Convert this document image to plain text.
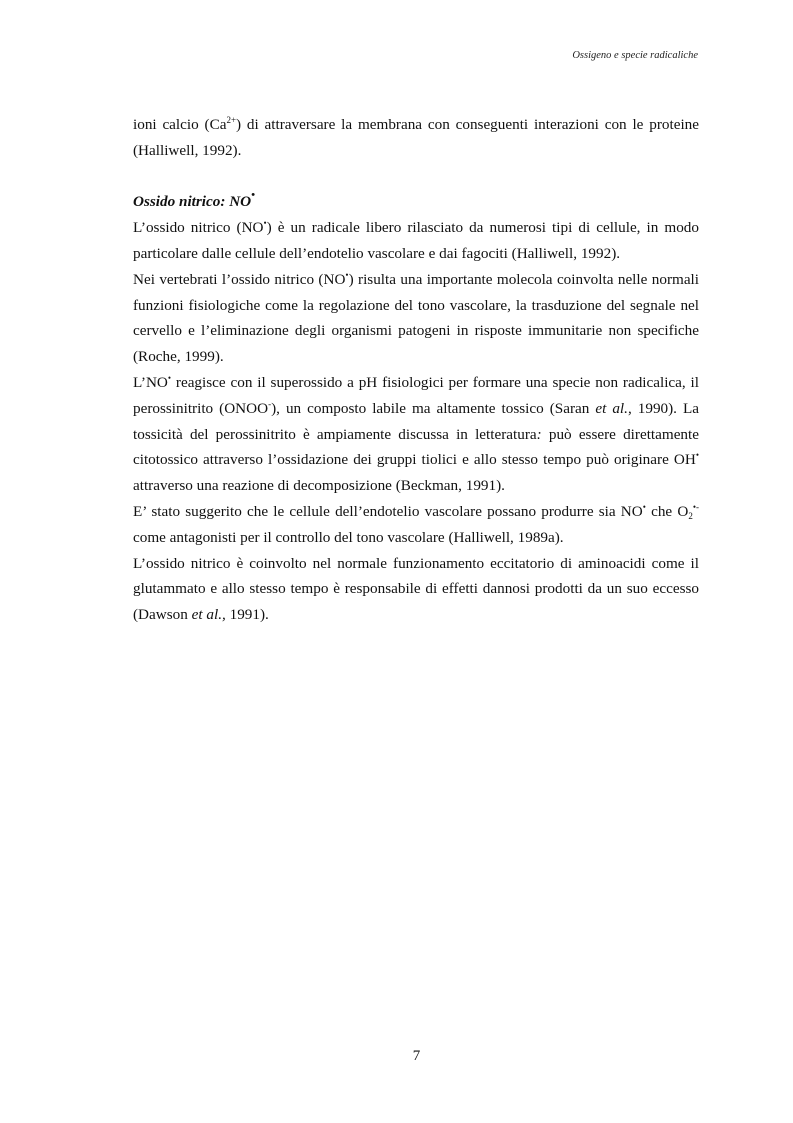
Ossigeno e specie radicaliche

ioni calcio $(Ca^{2+})$ di attraversare la membrana con conseguenti interazioni con le proteine (Halliwell, 1992).

Ossido nitrico: NO•

L’ossido nitrico (NO•) è un radicale libero rilasciato da numerosi tipi di cellule, in modo particolare dalle cellule dell’endotelio vascolare e dai fagociti (Halliwell, 1992).

Nei vertebrati l’ossido nitrico (NO•) risulta una importante molecola coinvolta nelle normali funzioni fisiologiche come la regolazione del tono vascolare, la trasduzione del segnale nel cervello e l’eliminazione degli organismi patogeni in risposte immunitarie non specifiche (Roche, 1999).

L’NO• reagisce con il superossido a pH fisiologici per formare una specie non radicalica, il perossinitrito (ONOO-), un composto labile ma altamente tossico (Saran et al., 1990). La tossicità del perossinitrito è ampiamente discussa in letteratura: può essere direttamente citotossico attraverso l’ossidazione dei gruppi tiolici e allo stesso tempo può originare OH• attraverso una reazione di decomposizione (Beckman, 1991).

E’ stato suggerito che le cellule dell’endotelio vascolare possano produrre sia NO• che $O_2^{•-}$ come antagonisti per il controllo del tono vascolare (Halliwell, 1989a).

L’ossido nitrico è coinvolto nel normale funzionamento eccitatorio di aminoacidi come il glutammato e allo stesso tempo è responsabile di effetti dannosi prodotti da un suo eccesso (Dawson et al., 1991).

7
